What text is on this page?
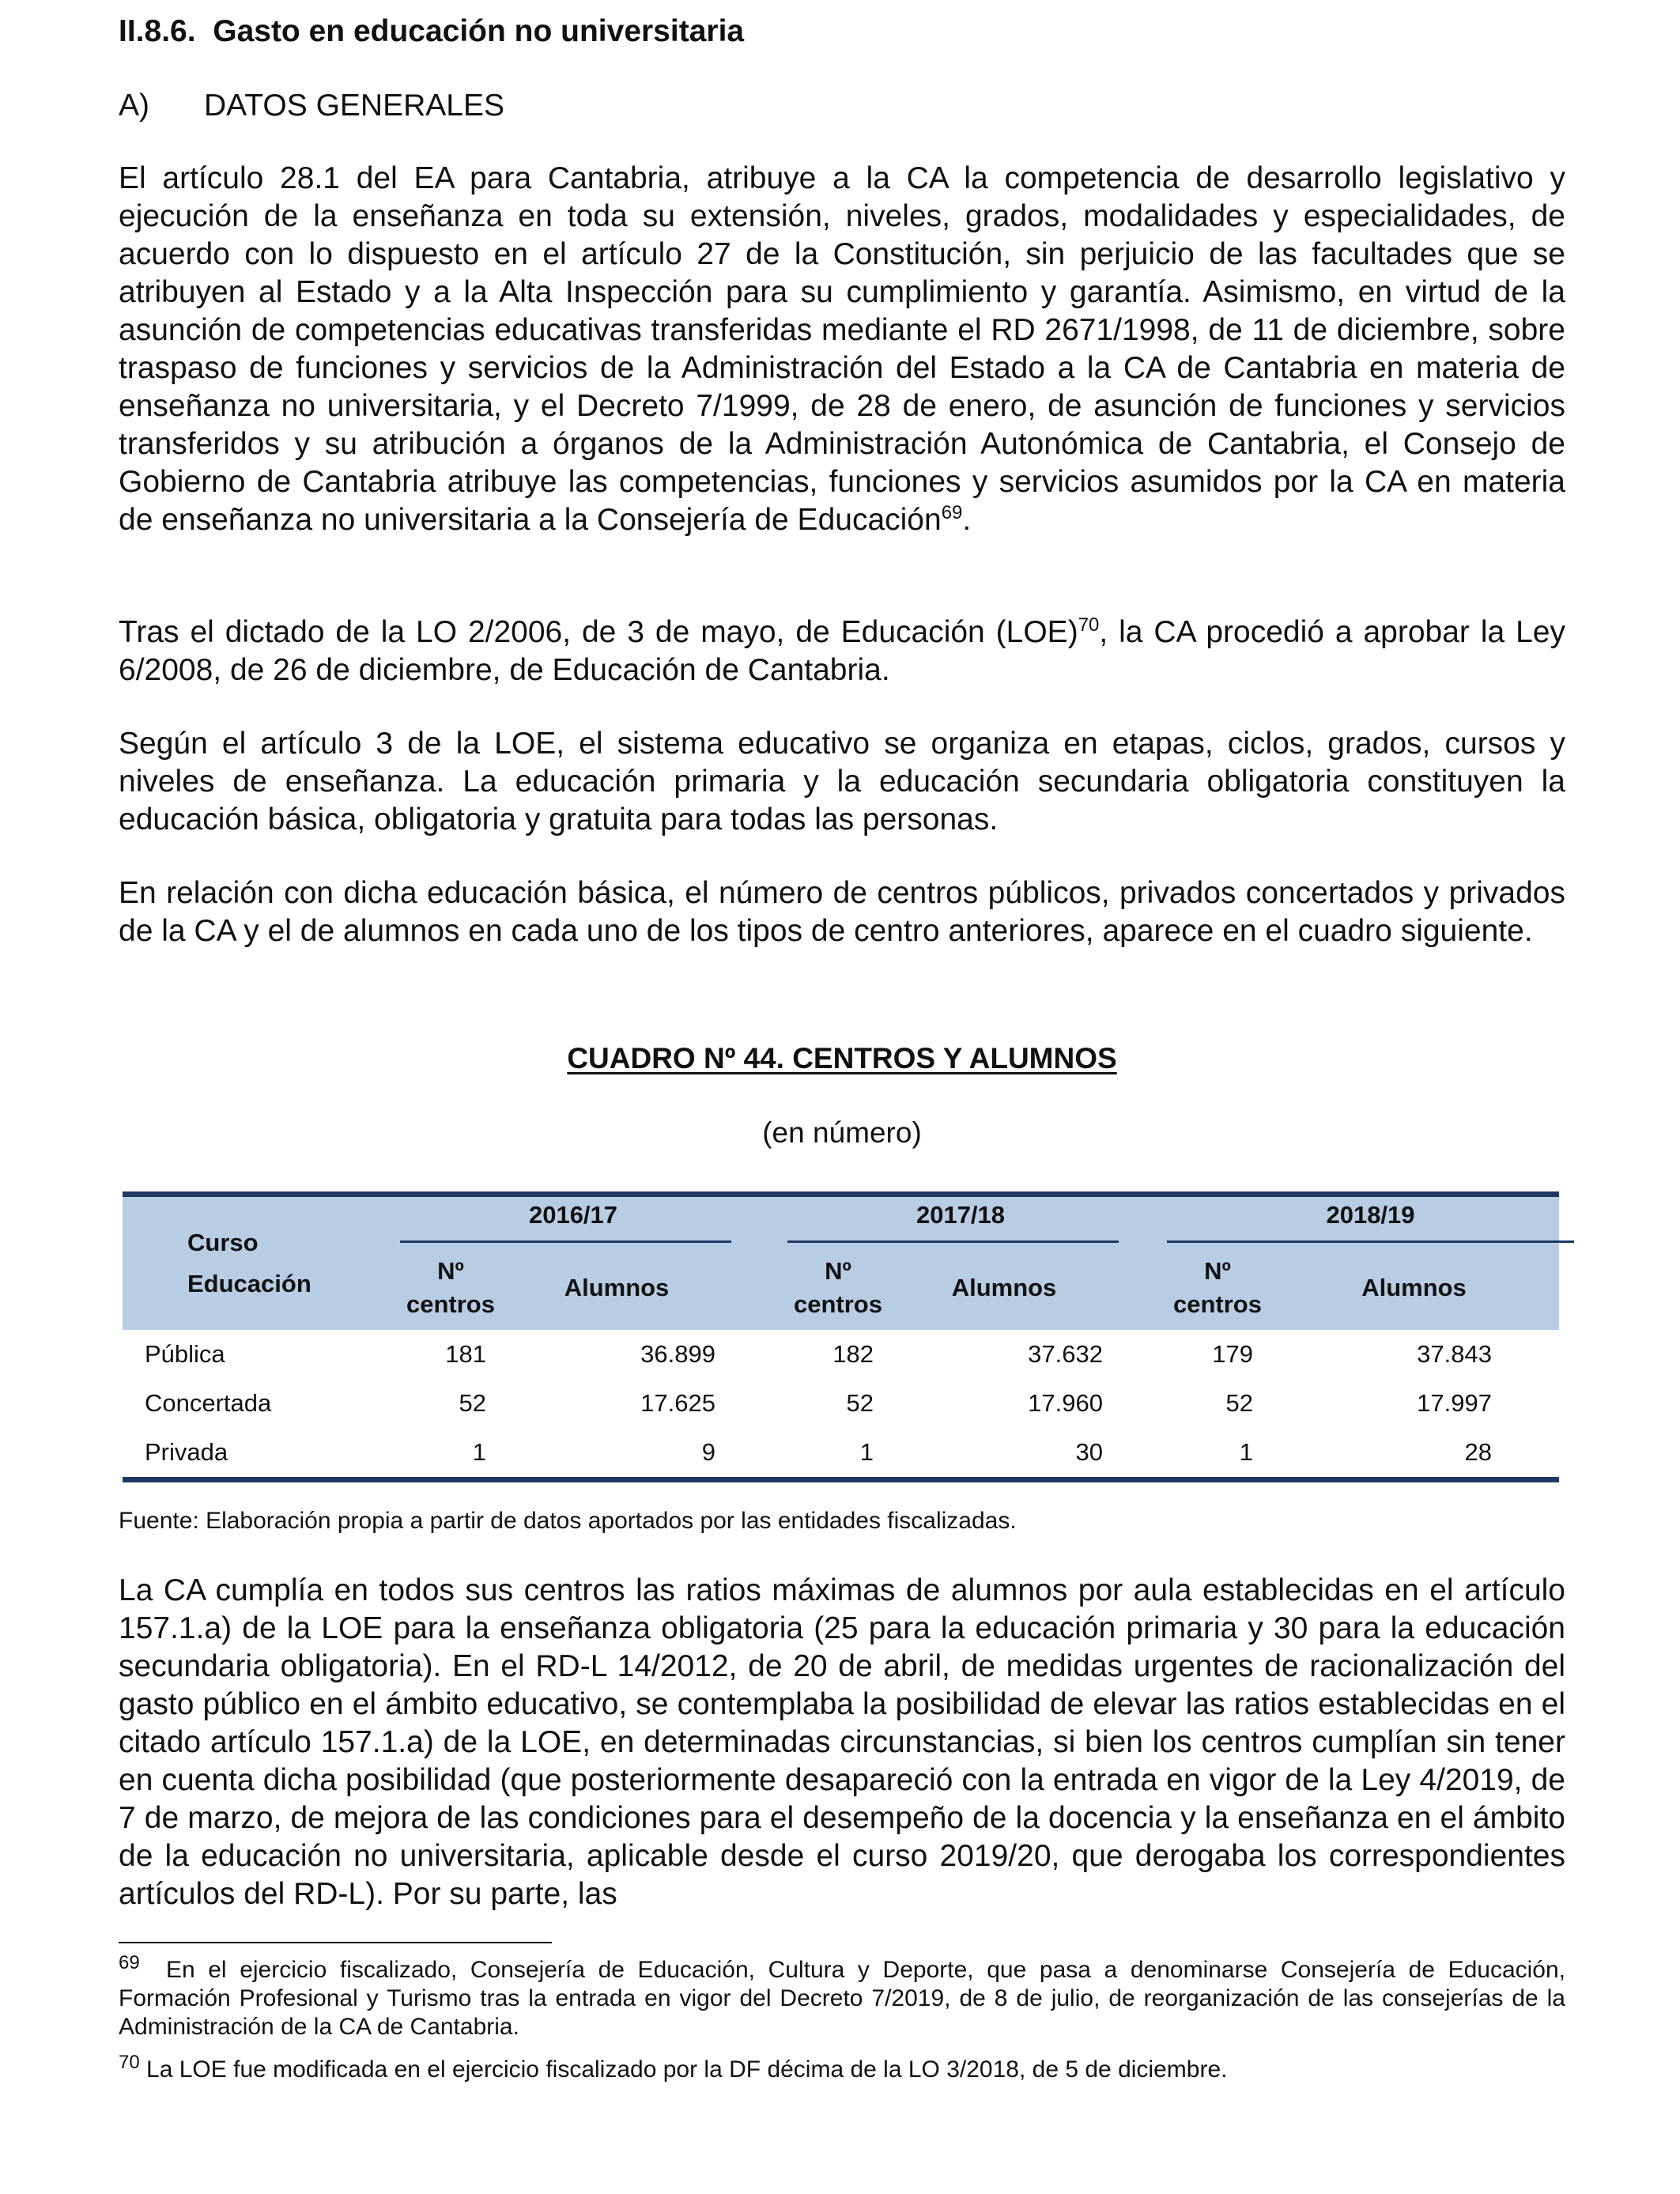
II.8.6. Gasto en educación no universitaria
A) DATOS GENERALES

El artículo 28.1 del EA para Cantabria, atribuye a la CA la competencia de desarrollo legislativo y ejecución de la enseñanza en toda su extensión, niveles, grados, modalidades y especialidades, de acuerdo con lo dispuesto en el artículo 27 de la Constitución, sin perjuicio de las facultades que se atribuyen al Estado y a la Alta Inspección para su cumplimiento y garantía. Asimismo, en virtud de la asunción de competencias educativas transferidas mediante el RD 2671/1998, de 11 de diciembre, sobre traspaso de funciones y servicios de la Administración del Estado a la CA de Cantabria en materia de enseñanza no universitaria, y el Decreto 7/1999, de 28 de enero, de asunción de funciones y servicios transferidos y su atribución a órganos de la Administración Autonómica de Cantabria, el Consejo de Gobierno de Cantabria atribuye las competencias, funciones y servicios asumidos por la CA en materia de enseñanza no universitaria a la Consejería de Educación$^{69}$.

Tras el dictado de la LO 2/2006, de 3 de mayo, de Educación (LOE)$^{70}$, la CA procedió a aprobar la Ley 6/2008, de 26 de diciembre, de Educación de Cantabria.

Según el artículo 3 de la LOE, el sistema educativo se organiza en etapas, ciclos, grados, cursos y niveles de enseñanza. La educación primaria y la educación secundaria obligatoria constituyen la educación básica, obligatoria y gratuita para todas las personas.

En relación con dicha educación básica, el número de centros públicos, privados concertados y privados de la CA y el de alumnos en cada uno de los tipos de centro anteriores, aparece en el cuadro siguiente.

CUADRO Nº 44. CENTROS Y ALUMNOS
(en número)
Curso
Educación	2016/17			2017/18			2018/19	

	Nº
centros	Alumnos		Nº
centros	Alumnos		Nº
centros	Alumnos
Pública	181	36.899		182	37.632		179	37.843
Concertada	52	17.625		52	17.960		52	17.997
Privada	1	9		1	30		1	28
Fuente: Elaboración propia a partir de datos aportados por las entidades fiscalizadas.

La CA cumplía en todos sus centros las ratios máximas de alumnos por aula establecidas en el artículo 157.1.a) de la LOE para la enseñanza obligatoria (25 para la educación primaria y 30 para la educación secundaria obligatoria). En el RD-L 14/2012, de 20 de abril, de medidas urgentes de racionalización del gasto público en el ámbito educativo, se contemplaba la posibilidad de elevar las ratios establecidas en el citado artículo 157.1.a) de la LOE, en determinadas circunstancias, si bien los centros cumplían sin tener en cuenta dicha posibilidad (que posteriormente desapareció con la entrada en vigor de la Ley 4/2019, de 7 de marzo, de mejora de las condiciones para el desempeño de la docencia y la enseñanza en el ámbito de la educación no universitaria, aplicable desde el curso 2019/20, que derogaba los correspondientes artículos del RD-L). Por su parte, las

$^{69}$ En el ejercicio fiscalizado, Consejería de Educación, Cultura y Deporte, que pasa a denominarse Consejería de Educación, Formación Profesional y Turismo tras la entrada en vigor del Decreto 7/2019, de 8 de julio, de reorganización de las consejerías de la Administración de la CA de Cantabria.

$^{70}$ La LOE fue modificada en el ejercicio fiscalizado por la DF décima de la LO 3/2018, de 5 de diciembre.
